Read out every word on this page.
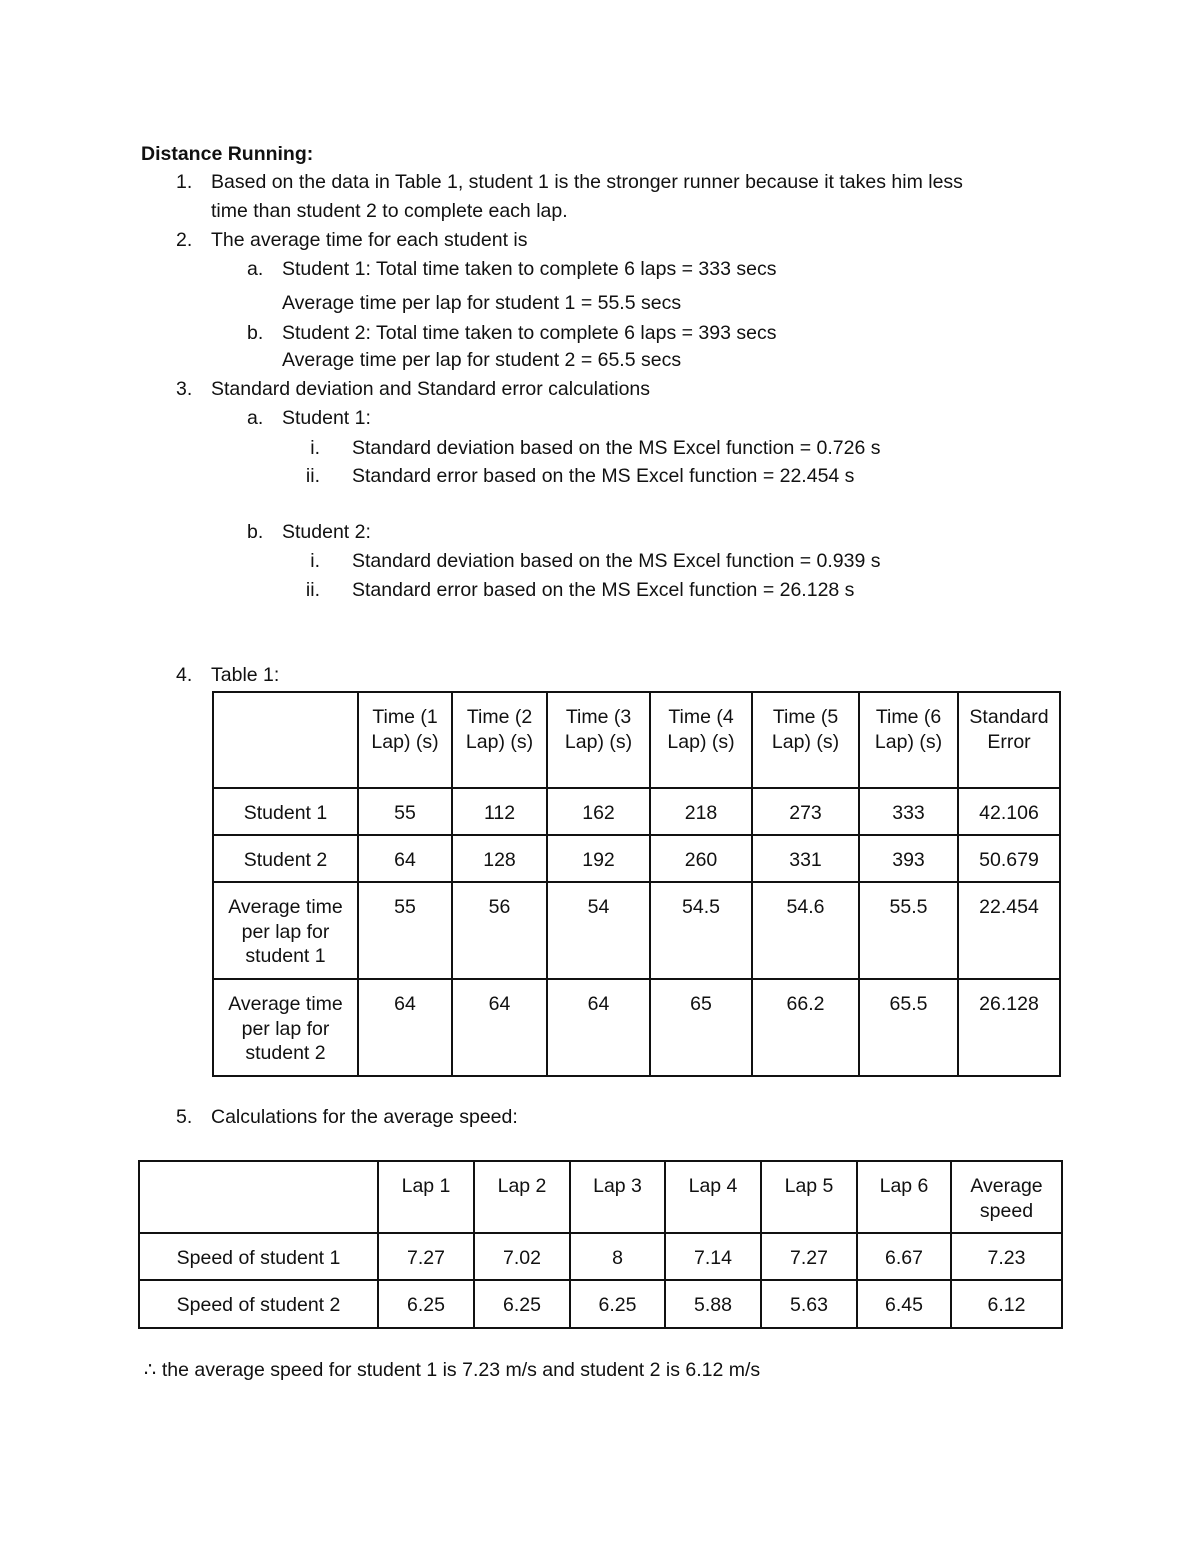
Distance Running:
1. Based on the data in Table 1, student 1 is the stronger runner because it takes him less
time than student 2 to complete each lap.
2. The average time for each student is
a. Student 1: Total time taken to complete 6 laps = 333 secs
Average time per lap for student 1 = 55.5 secs
b. Student 2: Total time taken to complete 6 laps = 393 secs
Average time per lap for student 2 = 65.5 secs
3. Standard deviation and Standard error calculations
a. Student 1:
i. Standard deviation based on the MS Excel function = 0.726 s
ii. Standard error based on the MS Excel function = 22.454 s
b. Student 2:
i. Standard deviation based on the MS Excel function = 0.939 s
ii. Standard error based on the MS Excel function = 26.128 s
4. Table 1:
	Time (1 Lap) (s)	Time (2 Lap) (s)	Time (3 Lap) (s)	Time (4 Lap) (s)	Time (5 Lap) (s)	Time (6 Lap) (s)	Standard Error
Student 1	55	112	162	218	273	333	42.106
Student 2	64	128	192	260	331	393	50.679
Average time per lap for student 1	55	56	54	54.5	54.6	55.5	22.454
Average time per lap for student 2	64	64	64	65	66.2	65.5	26.128
5. Calculations for the average speed:
	Lap 1	Lap 2	Lap 3	Lap 4	Lap 5	Lap 6	Average speed
Speed of student 1	7.27	7.02	8	7.14	7.27	6.67	7.23
Speed of student 2	6.25	6.25	6.25	5.88	5.63	6.45	6.12
∴ the average speed for student 1 is 7.23 m/s and student 2 is 6.12 m/s
